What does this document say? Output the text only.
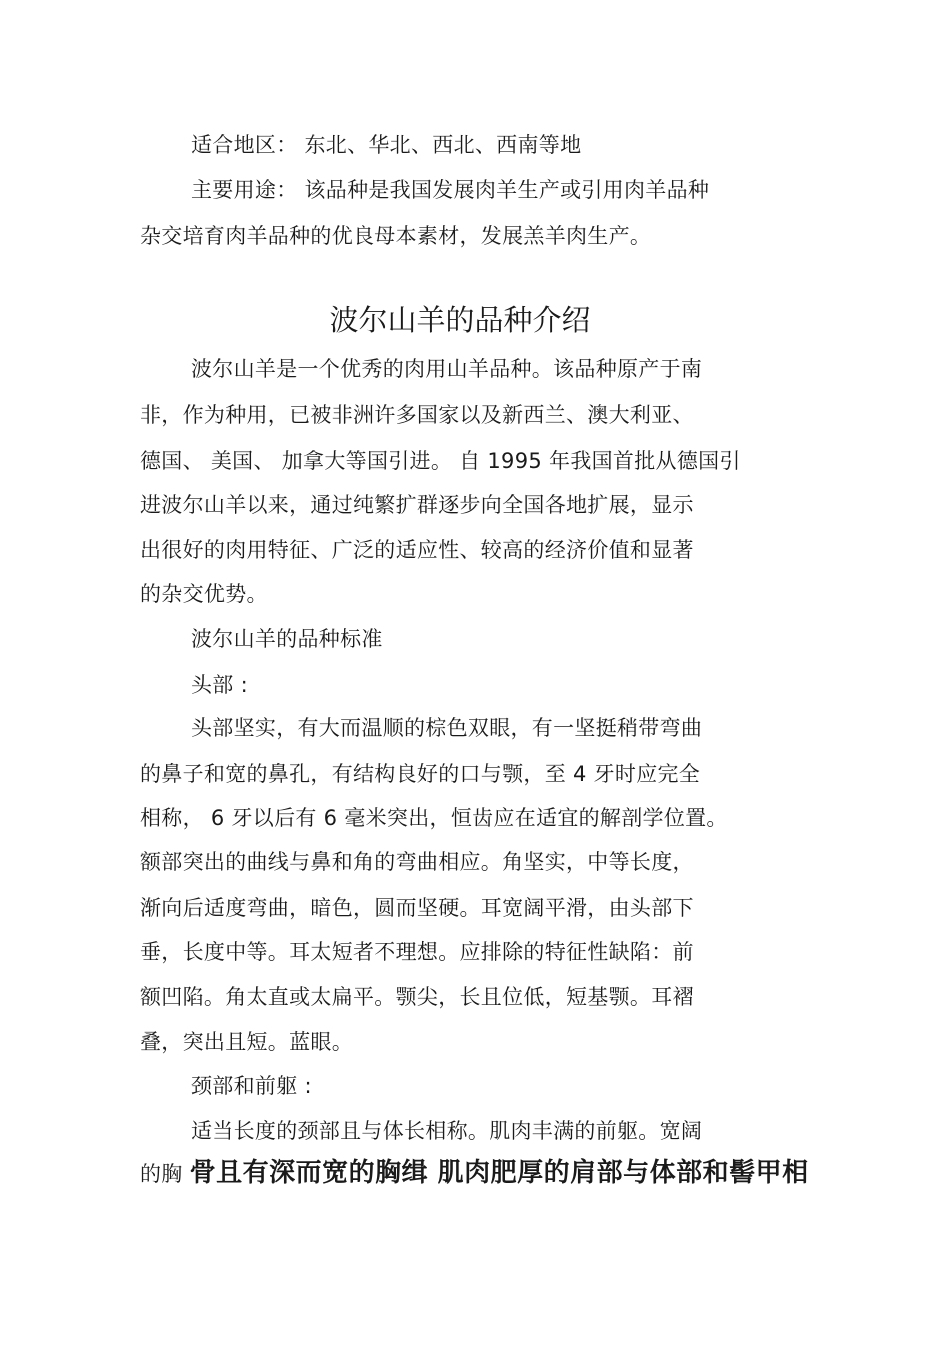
适合地区： 东北、华北、西北、西南等地
主要用途： 该品种是我国发展肉羊生产或引用肉羊品种
杂交培育肉羊品种的优良母本素材，发展羔羊肉生产。
波尔山羊的品种介绍
波尔山羊是一个优秀的肉用山羊品种。该品种原产于南
非，作为种用，已被非洲许多国家以及新西兰、澳大利亚、
德国、 美国、 加拿大等国引进。 自 1995 年我国首批从德国引
进波尔山羊以来，通过纯繁扩群逐步向全国各地扩展，显示
出很好的肉用特征、广泛的适应性、较高的经济价值和显著
的杂交优势。
波尔山羊的品种标准
头部 :
头部坚实，有大而温顺的棕色双眼，有一坚挺稍带弯曲
的鼻子和宽的鼻孔，有结构良好的口与颚，至 4 牙时应完全
相称， 6 牙以后有 6 毫米突出，恒齿应在适宜的解剖学位置。
额部突出的曲线与鼻和角的弯曲相应。角坚实，中等长度，
渐向后适度弯曲，暗色，圆而坚硬。耳宽阔平滑，由头部下
垂，长度中等。耳太短者不理想。应排除的特征性缺陷：前
额凹陷。角太直或太扁平。颚尖，长且位低，短基颚。耳褶
叠，突出且短。蓝眼。
颈部和前躯 :
适当长度的颈部且与体长相称。肌肉丰满的前躯。宽阔
的胸 骨且有深而宽的胸缉 肌肉肥厚的肩部与体部和髻甲相
